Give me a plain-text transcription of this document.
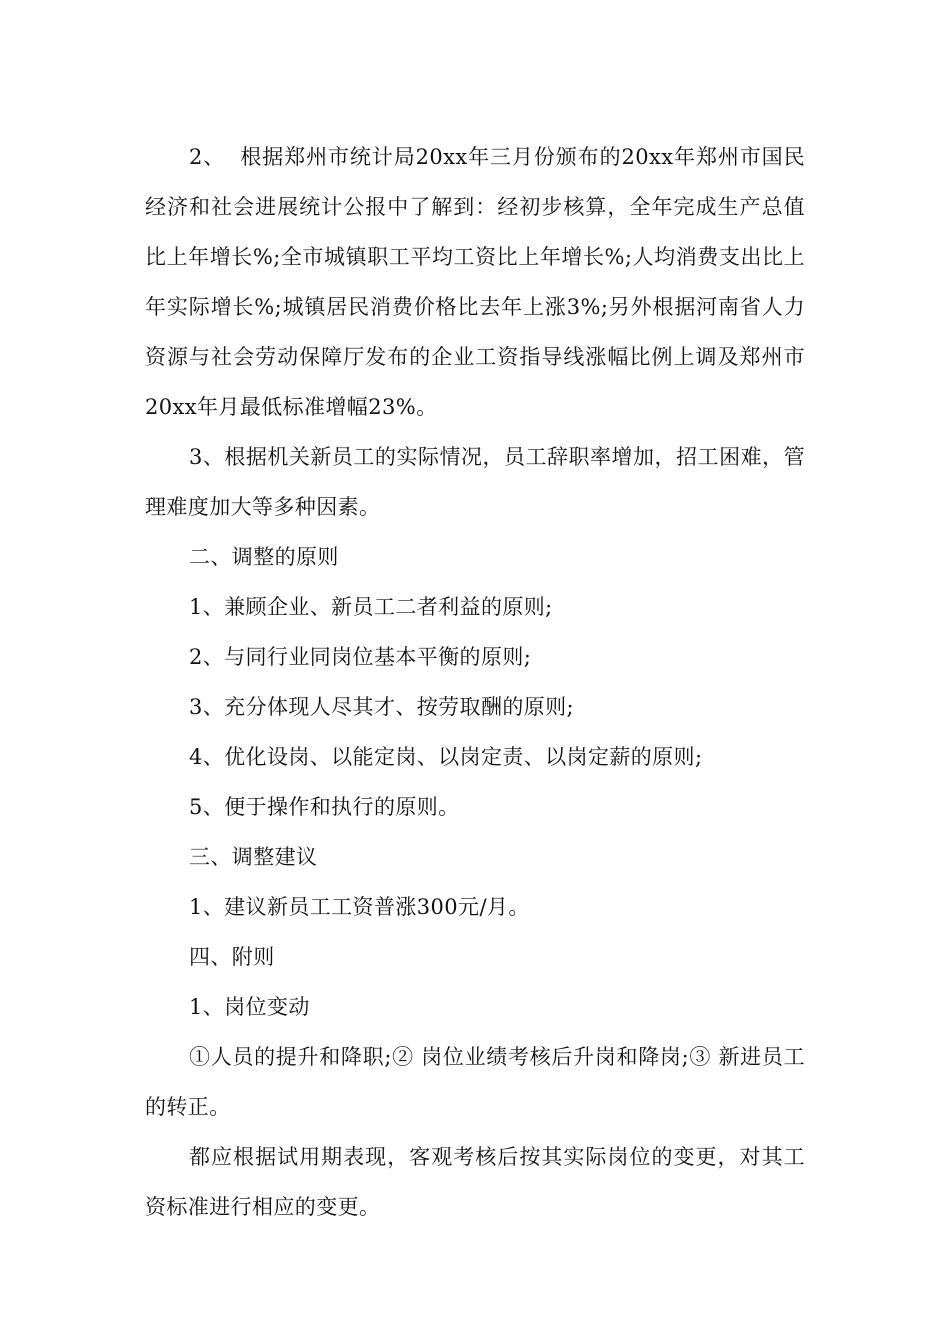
2、  根据郑州市统计局20xx年三月份颁布的20xx年郑州市国民经济和社会进展统计公报中了解到：经初步核算，全年完成生产总值比上年增长%;全市城镇职工平均工资比上年增长%;人均消费支出比上年实际增长%;城镇居民消费价格比去年上涨3%;另外根据河南省人力资源与社会劳动保障厅发布的企业工资指导线涨幅比例上调及郑州市20xx年月最低标准增幅23%。

3、根据机关新员工的实际情况，员工辞职率增加，招工困难，管理难度加大等多种因素。

二、调整的原则

1、兼顾企业、新员工二者利益的原则;

2、与同行业同岗位基本平衡的原则;

3、充分体现人尽其才、按劳取酬的原则;

4、优化设岗、以能定岗、以岗定责、以岗定薪的原则;

5、便于操作和执行的原则。

三、调整建议

1、建议新员工工资普涨300元/月。

四、附则

1、岗位变动

①人员的提升和降职;② 岗位业绩考核后升岗和降岗;③ 新进员工的转正。

都应根据试用期表现，客观考核后按其实际岗位的变更，对其工资标准进行相应的变更。
